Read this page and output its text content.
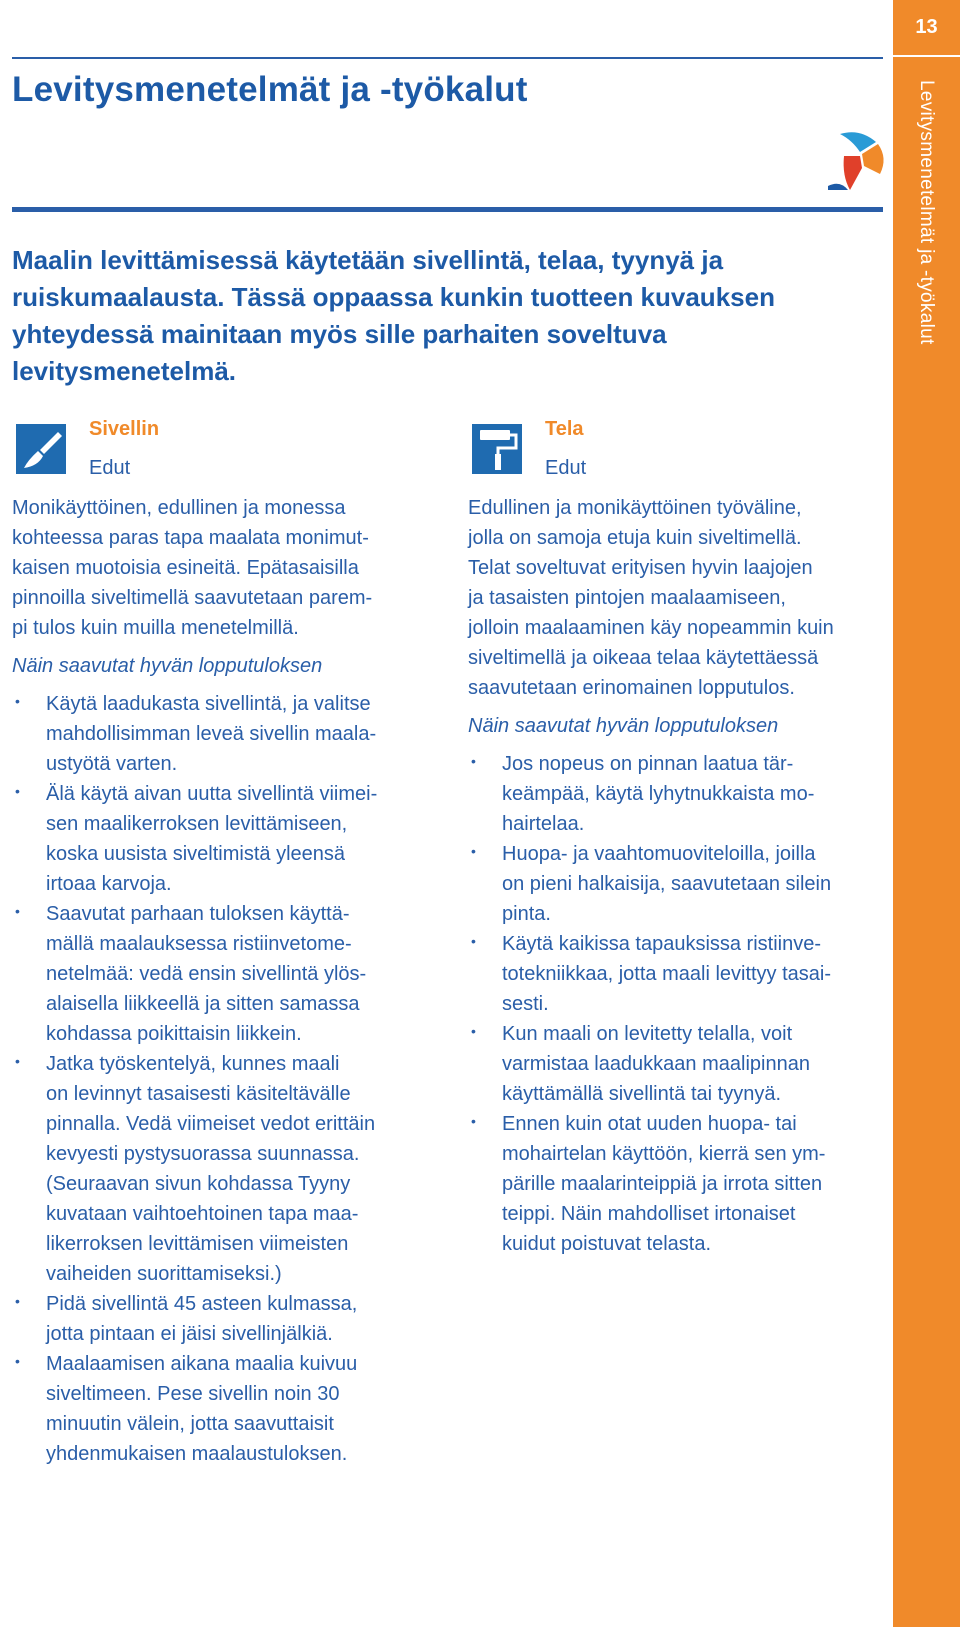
13
Levitysmenetelmät ja -työkalut
Levitysmenetelmät ja -työkalut

Maalin levittämisessä käytetään sivellintä, telaa, tyynyä ja ruiskumaalausta. Tässä oppaassa kunkin tuotteen kuvauksen yhteydessä mainitaan myös sille parhaiten soveltuva levitysmenetelmä.

Sivellin
Edut
Monikäyttöinen, edullinen ja monessa
kohteessa paras tapa maalata monimut-
kaisen muotoisia esineitä. Epätasaisilla
pinnoilla siveltimellä saavutetaan parem-
pi tulos kuin muilla menetelmillä.
Näin saavutat hyvän lopputuloksen
• Käytä laadukasta sivellintä, ja valitse
mahdollisimman leveä sivellin maala-
ustyötä varten.
• Älä käytä aivan uutta sivellintä viimei-
sen maalikerroksen levittämiseen,
koska uusista siveltimistä yleensä
irtoaa karvoja.
• Saavutat parhaan tuloksen käyttä-
mällä maalauksessa ristiinvetome-
netelmää: vedä ensin sivellintä ylös-
alaisella liikkeellä ja sitten samassa
kohdassa poikittaisin liikkein.
• Jatka työskentelyä, kunnes maali
on levinnyt tasaisesti käsiteltävälle
pinnalla. Vedä viimeiset vedot erittäin
kevyesti pystysuorassa suunnassa.
(Seuraavan sivun kohdassa Tyyny
kuvataan vaihtoehtoinen tapa maa-
likerroksen levittämisen viimeisten
vaiheiden suorittamiseksi.)
• Pidä sivellintä 45 asteen kulmassa,
jotta pintaan ei jäisi sivellinjälkiä.
• Maalaamisen aikana maalia kuivuu
siveltimeen. Pese sivellin noin 30
minuutin välein, jotta saavuttaisit
yhdenmukaisen maalaustuloksen.
Tela
Edut
Edullinen ja monikäyttöinen työväline,
jolla on samoja etuja kuin siveltimellä.
Telat soveltuvat erityisen hyvin laajojen
ja tasaisten pintojen maalaamiseen,
jolloin maalaaminen käy nopeammin kuin
siveltimellä ja oikeaa telaa käytettäessä
saavutetaan erinomainen lopputulos.
Näin saavutat hyvän lopputuloksen
• Jos nopeus on pinnan laatua tär-
keämpää, käytä lyhytnukkaista mo-
hairtelaa.
• Huopa- ja vaahtomuoviteloilla, joilla
on pieni halkaisija, saavutetaan silein
pinta.
• Käytä kaikissa tapauksissa ristiinve-
totekniikkaa, jotta maali levittyy tasai-
sesti.
• Kun maali on levitetty telalla, voit
varmistaa laadukkaan maalipinnan
käyttämällä sivellintä tai tyynyä.
• Ennen kuin otat uuden huopa- tai
mohairtelan käyttöön, kierrä sen ym-
pärille maalarinteippiä ja irrota sitten
teippi. Näin mahdolliset irtonaiset
kuidut poistuvat telasta.
